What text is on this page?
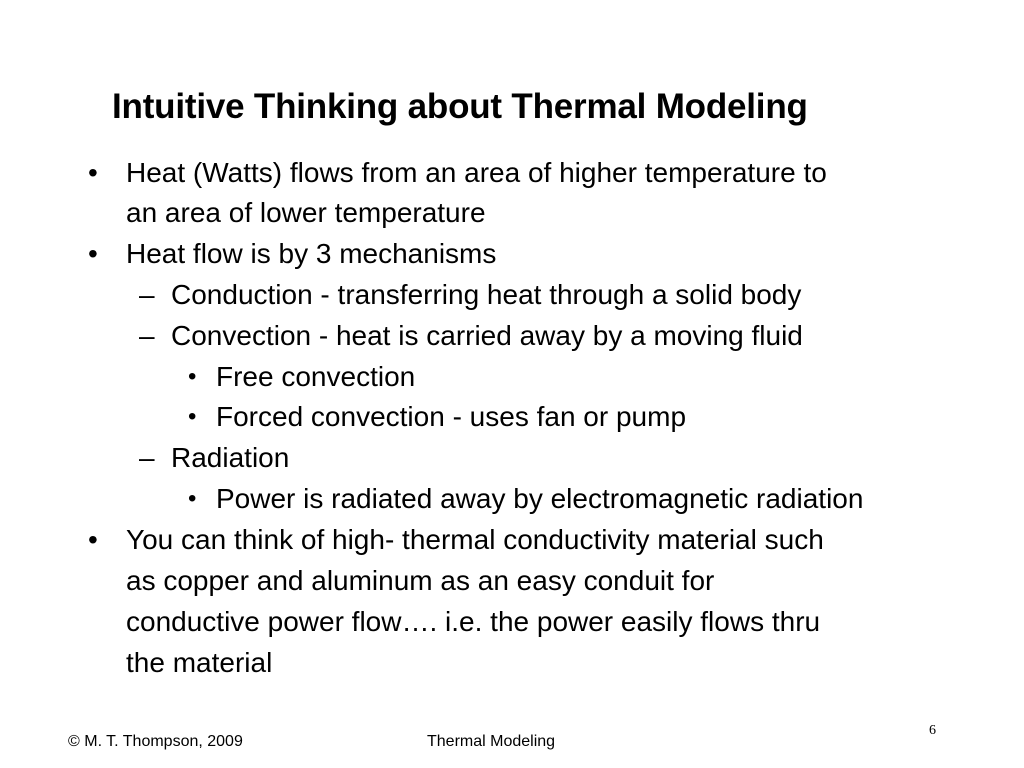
Intuitive Thinking about Thermal Modeling
• Heat (Watts) flows from an area of higher temperature to
an area of lower temperature
• Heat flow is by 3 mechanisms
– Conduction - transferring heat through a solid body
– Convection - heat is carried away by a moving fluid
• Free convection
• Forced convection - uses fan or pump
– Radiation
• Power is radiated away by electromagnetic radiation
• You can think of high- thermal conductivity material such
as copper and aluminum as an easy conduit for
conductive power flow…. i.e. the power easily flows thru
the material
© M. T. Thompson, 2009	Thermal Modeling
6
